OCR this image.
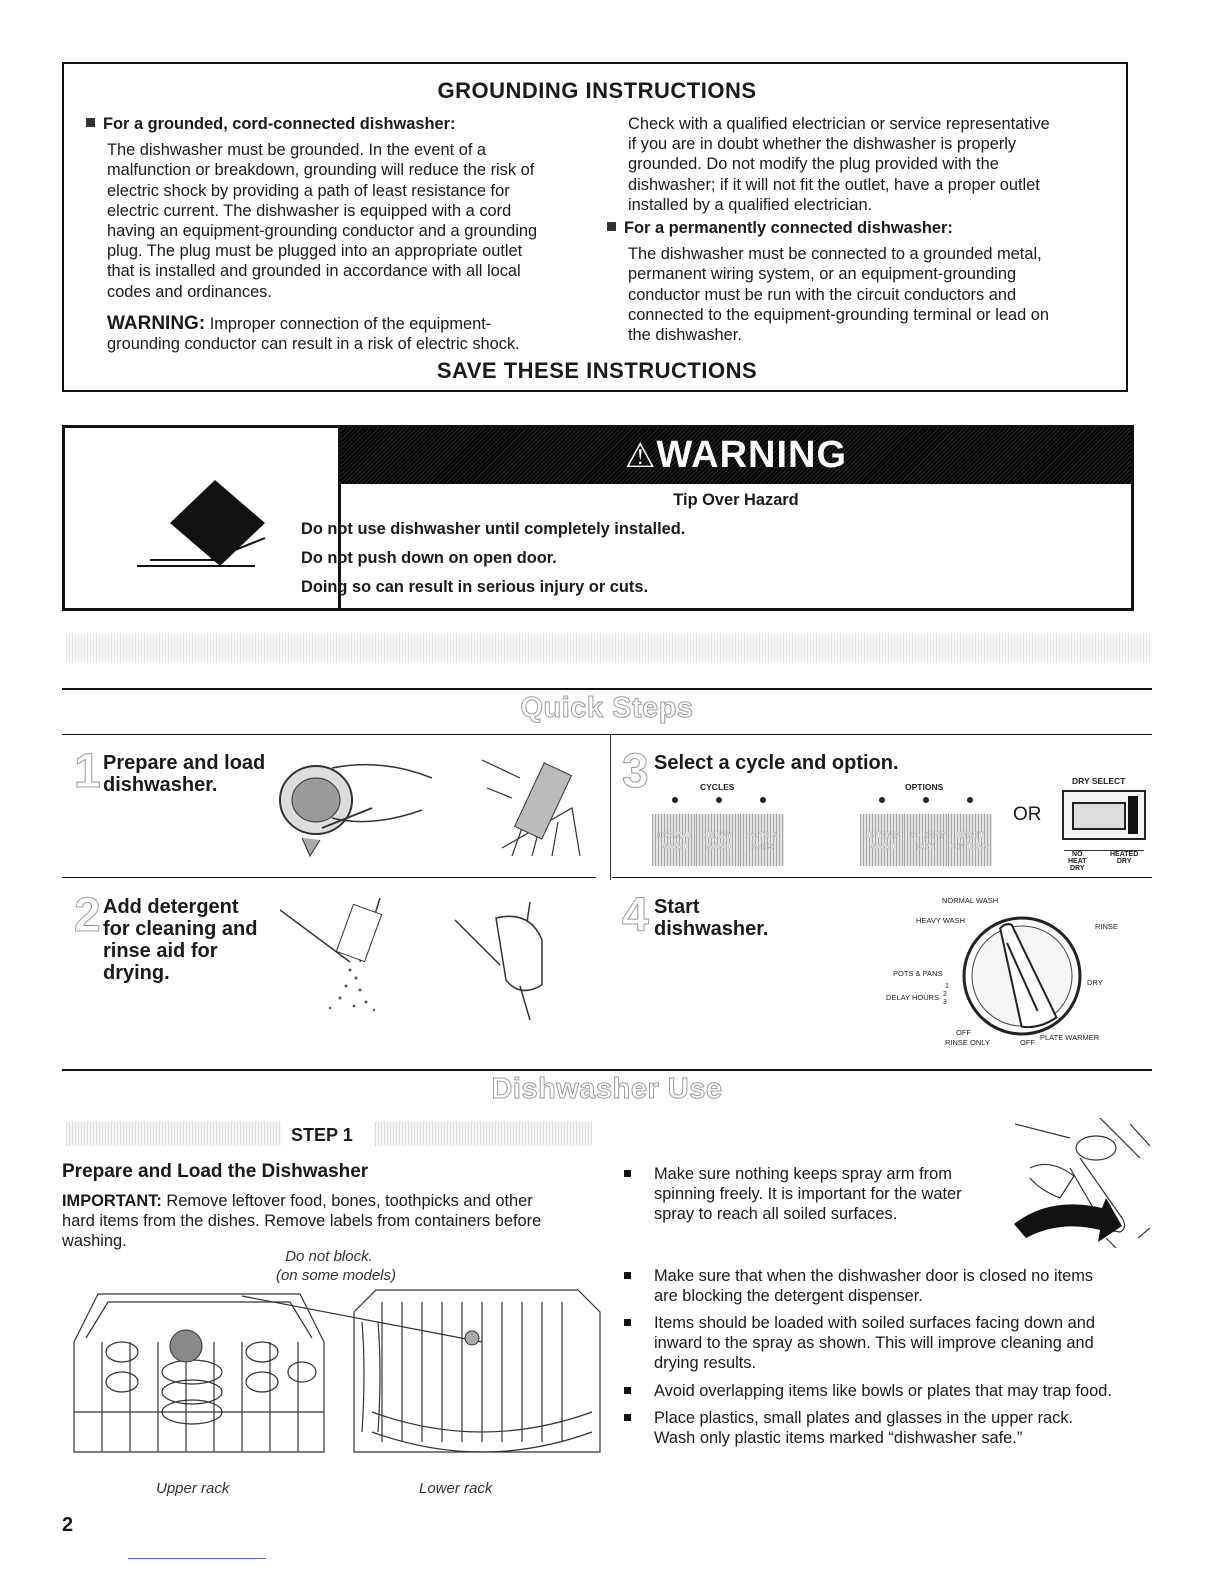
GROUNDING INSTRUCTIONS
For a grounded, cord-connected dishwasher:

The dishwasher must be grounded. In the event of a

malfunction or breakdown, grounding will reduce the risk of

electric shock by providing a path of least resistance for

electric current. The dishwasher is equipped with a cord

having an equipment-grounding conductor and a grounding

plug. The plug must be plugged into an appropriate outlet

that is installed and grounded in accordance with all local

codes and ordinances.

WARNING: Improper connection of the equipment-

grounding conductor can result in a risk of electric shock.

Check with a qualified electrician or service representative

if you are in doubt whether the dishwasher is properly

grounded. Do not modify the plug provided with the

dishwasher; if it will not fit the outlet, have a proper outlet

installed by a qualified electrician.

For a permanently connected dishwasher:

The dishwasher must be connected to a grounded metal,

permanent wiring system, or an equipment-grounding

conductor must be run with the circuit conductors and

connected to the equipment-grounding terminal or lead on

the dishwasher.

SAVE THESE INSTRUCTIONS
⚠WARNING
Tip Over Hazard
Do not use dishwasher until completely installed.
Do not push down on open door.
Doing so can result in serious injury or cuts.
Quick Steps
1 Prepare and load

dishwasher.

2 Add detergent

for cleaning and

rinse aid for

drying.

3 Select a cycle and option.
CYCLES	OPTIONS
DRY SELECT

NORMAL

WASH

HEAVY

WASH

POTS &

PANS

HI-TEMP

WASH

NO HEAT

DRY

RESET

OPTIONS

OR

NO

HEAT

DRY

HEATED

DRY

4 Start

dishwasher.

NORMAL WASH
HEAVY WASH
RINSE
POTS & PANS
DRY
DELAY HOURS
1
2
3
OFF
RINSE ONLY	OFF
PLATE WARMER
Dishwasher Use
STEP 1
Prepare and Load the Dishwasher

IMPORTANT: Remove leftover food, bones, toothpicks and other

hard items from the dishes. Remove labels from containers before

washing.

Do not block.
(on some models)
Upper rack	Lower rack

Make sure nothing keeps spray arm from

spinning freely. It is important for the water

spray to reach all soiled surfaces.

Make sure that when the dishwasher door is closed no items

are blocking the detergent dispenser.

Items should be loaded with soiled surfaces facing down and

inward to the spray as shown. This will improve cleaning and

drying results.

Avoid overlapping items like bowls or plates that may trap food.

Place plastics, small plates and glasses in the upper rack.

Wash only plastic items marked “dishwasher safe.”

2
